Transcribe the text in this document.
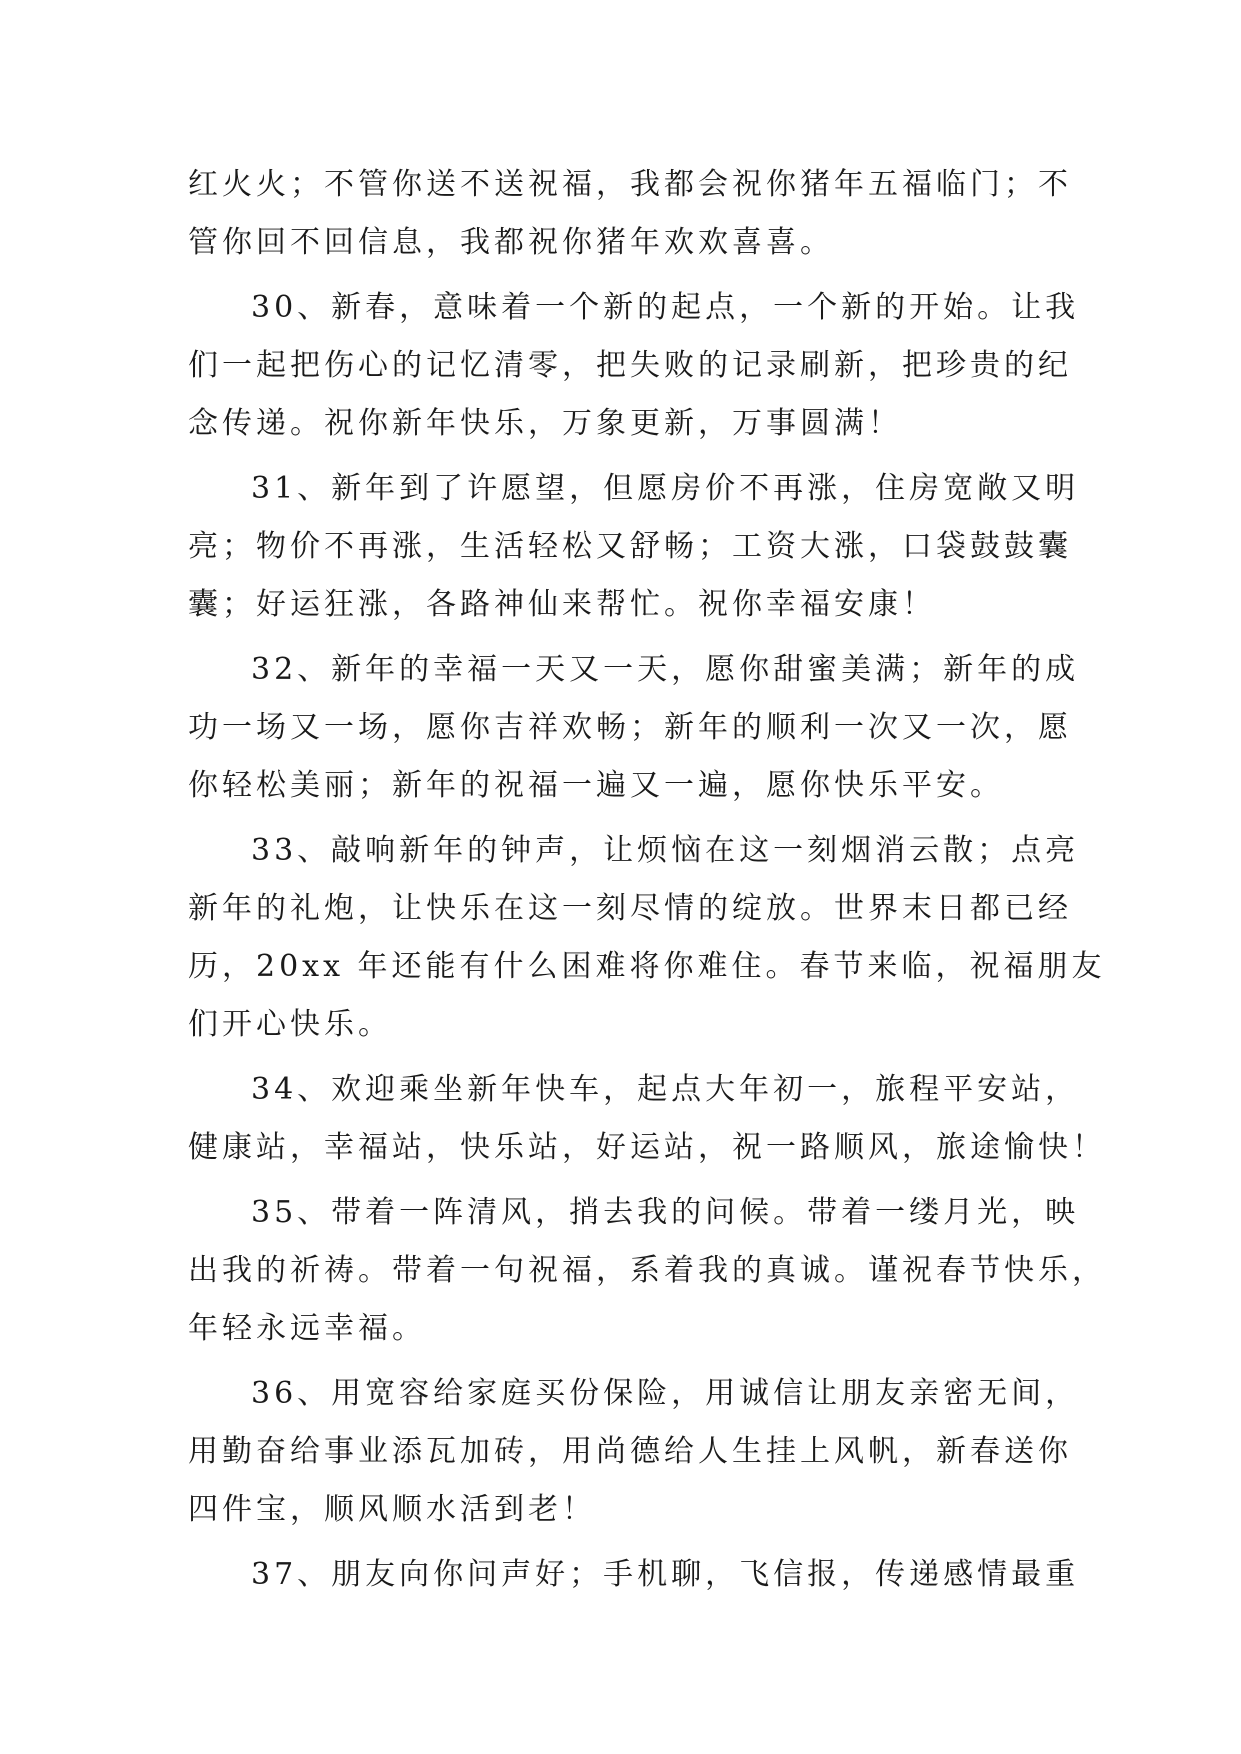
红火火；不管你送不送祝福，我都会祝你猪年五福临门；不
管你回不回信息，我都祝你猪年欢欢喜喜。
30、新春，意味着一个新的起点，一个新的开始。让我
们一起把伤心的记忆清零，把失败的记录刷新，把珍贵的纪
念传递。祝你新年快乐，万象更新，万事圆满！
31、新年到了许愿望，但愿房价不再涨，住房宽敞又明
亮；物价不再涨，生活轻松又舒畅；工资大涨，口袋鼓鼓囊
囊；好运狂涨，各路神仙来帮忙。祝你幸福安康！
32、新年的幸福一天又一天，愿你甜蜜美满；新年的成
功一场又一场，愿你吉祥欢畅；新年的顺利一次又一次，愿
你轻松美丽；新年的祝福一遍又一遍，愿你快乐平安。
33、敲响新年的钟声，让烦恼在这一刻烟消云散；点亮
新年的礼炮，让快乐在这一刻尽情的绽放。世界末日都已经
历，20xx 年还能有什么困难将你难住。春节来临，祝福朋友
们开心快乐。
34、欢迎乘坐新年快车，起点大年初一，旅程平安站，
健康站，幸福站，快乐站，好运站，祝一路顺风，旅途愉快！
35、带着一阵清风，捎去我的问候。带着一缕月光，映
出我的祈祷。带着一句祝福，系着我的真诚。谨祝春节快乐，
年轻永远幸福。
36、用宽容给家庭买份保险，用诚信让朋友亲密无间，
用勤奋给事业添瓦加砖，用尚德给人生挂上风帆，新春送你
四件宝，顺风顺水活到老！
37、朋友向你问声好；手机聊，飞信报，传递感情最重
